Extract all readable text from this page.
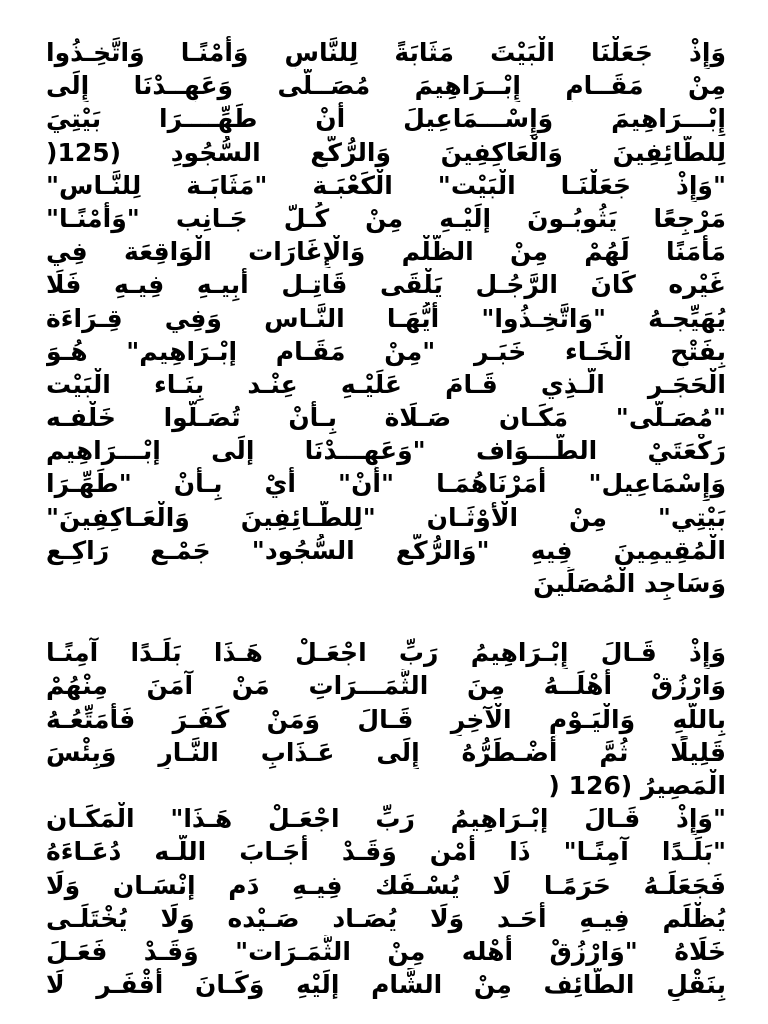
وَإِذْ جَعَلْنَا الْبَيْتَ مَثَابَةً لِلنَّاسِ وَأَمْنًـا وَاتَّخِـذُوا
مِنْ مَقَــامِ إِبْــرَاهِيمَ مُصَــلًّى وَعَهِــدْنَا إِلَى
إِبْـــرَاهِيمَ وَإِسْـــمَاعِيلَ أَنْ طَهِّــــرَا بَيْتِيَ
لِلطَّائِفِينَ وَالْعَاكِفِينَ وَالرُّكَّعِ السُّجُودِ (125(
"وَإِذْ جَعَلْنَـا الْبَيْت" الْكَعْبَـة "مَثَابَـة لِلنَّـاس"
مَرْجِعًا يَثُوبُـونَ إلَيْـهِ مِنْ كُـلّ جَـانِب "وَأَمْنًـا"
مَأْمَنًا لَهُمْ مِنْ الظُّلْم وَالْإِغَارَات الْوَاقِعَة فِي
غَيْره كَانَ الرَّجُـل يَلْقَى قَاتِـل أَبِيـهِ فِيـهِ فَلَا
يُهَيِّجـهُ "وَاتَّخِـذُوا" أَيُّهَـا النَّـاس وَفِي قِـرَاءَة
بِفَتْحِ الْخَـاء خَبَـر "مِنْ مَقَـام إبْـرَاهِيم" هُـوَ
الْحَجَـر الَّـذِي قَـامَ عَلَيْـهِ عِنْـد بِنَـاء الْبَيْت
"مُصَـلًّى" مَكَـان صَـلَاة بِـأَنْ تُصَـلُّوا خَلْفـه
رَكْعَتَيْ الطَّـــوَاف "وَعَهِـــدْنَا إلَى إبْـــرَاهِيم
وَإِسْمَاعِيل" أَمَرْنَاهُمَـا "أَنْ" أَيْ بِـأَنْ "طَهِّـرَا
بَيْتِي" مِنْ الْأَوْثَـان "لِلطَّـائِفِينَ وَالْعَـاكِفِينَ"
الْمُقِيمِينَ فِيهِ "وَالرُّكَّع السُّجُود" جَمْـع رَاكِـع
وَسَاجِد الْمُصَلِّينَ
وَإِذْ قَـالَ إِبْـرَاهِيمُ رَبِّ اجْعَـلْ هَـذَا بَلَـدًا آمِنًـا
وَارْزُقْ أَهْلَــهُ مِنَ الثَّمَـــرَاتِ مَنْ آمَنَ مِنْهُمْ
بِاللَّهِ وَالْيَـوْمِ الْآخِرِ قَـالَ وَمَنْ كَفَـرَ فَأُمَتِّعُـهُ
قَلِيلًا ثُمَّ أَضْـطَرُّهُ إِلَى عَـذَابِ النَّـارِ وَبِئْسَ
الْمَصِيرُ (126 (
"وَإِذْ قَـالَ إبْـرَاهِيمُ رَبِّ اجْعَـلْ هَـذَا" الْمَكَـان
"بَلَـدًا آمِنًـا" ذَا أَمْن وَقَـدْ أَجَـابَ اللَّـه دُعَـاءَهُ
فَجَعَلَـهُ حَرَمًـا لَا يُسْـفَك فِيـهِ دَم إنْسَـان وَلَا
يُظْلَم فِيـهِ أَحَـد وَلَا يُصَـاد صَـيْده وَلَا يُخْتَلَـى
خَلَاهُ "وَارْزُقْ أَهْله مِنْ الثَّمَـرَات" وَقَـدْ فَعَـلَ
بِنَقْلِ الطَّائِف مِنْ الشَّام إلَيْهِ وَكَـانَ أَقْفَـر لَا
